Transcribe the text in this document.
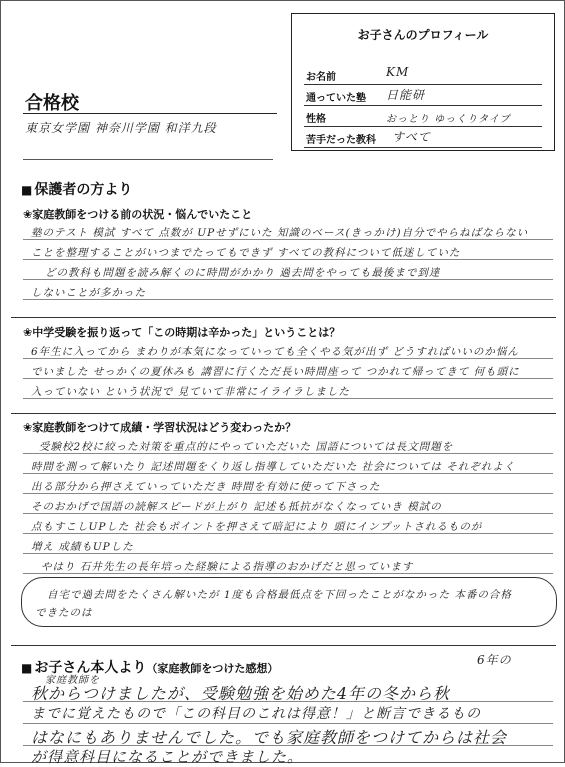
お子さんのプロフィール
お名前	KM
通っていた塾 日能研
性格	おっとり ゆっくりタイプ
苦手だった教科 すべて
合格校
東京女学園 神奈川学園 和洋九段
■ 保護者の方より
❀家庭教師をつける前の状況・悩んでいたこと
塾のテスト 模試 すべて 点数が UPせずにいた 知識のベース(きっかけ)自分でやらねばならない
ことを整理することがいつまでたってもできず すべての教科について低迷していた
どの教科も問題を読み解くのに時間がかかり 過去問をやっても最後まで到達
しないことが多かった
❀中学受験を振り返って「この時期は辛かった」ということは？
6年生に入ってから まわりが本気になっていっても全くやる気が出ず どうすればいいのか悩ん
でいました せっかくの夏休みも 講習に行くただ長い時間座って つかれて帰ってきて 何も頭に
入っていない という状況で 見ていて非常にイライラしました
❀家庭教師をつけて成績・学習状況はどう変わったか？
受験校2校に絞った対策を重点的にやっていただいた 国語については長文問題を
時間を測って解いたり 記述問題をくり返し指導していただいた 社会については それぞれよく
出る部分から押さえていっていただき 時間を有効に使って下さった
そのおかげで国語の読解スピードが上がり 記述も抵抗がなくなっていき 模試の
点もすこしUPした 社会もポイントを押さえて暗記により 頭にインプットされるものが
増え 成績もUPした
やはり 石井先生の長年培った経験による指導のおかげだと思っています
自宅で過去問をたくさん解いたが 1度も合格最低点を下回ったことがなかった 本番の合格
できたのは
■ お子さん本人より（家庭教師をつけた感想）
6年の
家庭教師を
秋からつけましたが、受験勉強を始めた4年の冬から秋
までに覚えたもので「この科目のこれは得意！」と断言できるもの
はなにもありませんでした。でも家庭教師をつけてからは社会
が得意科目になることができました。
